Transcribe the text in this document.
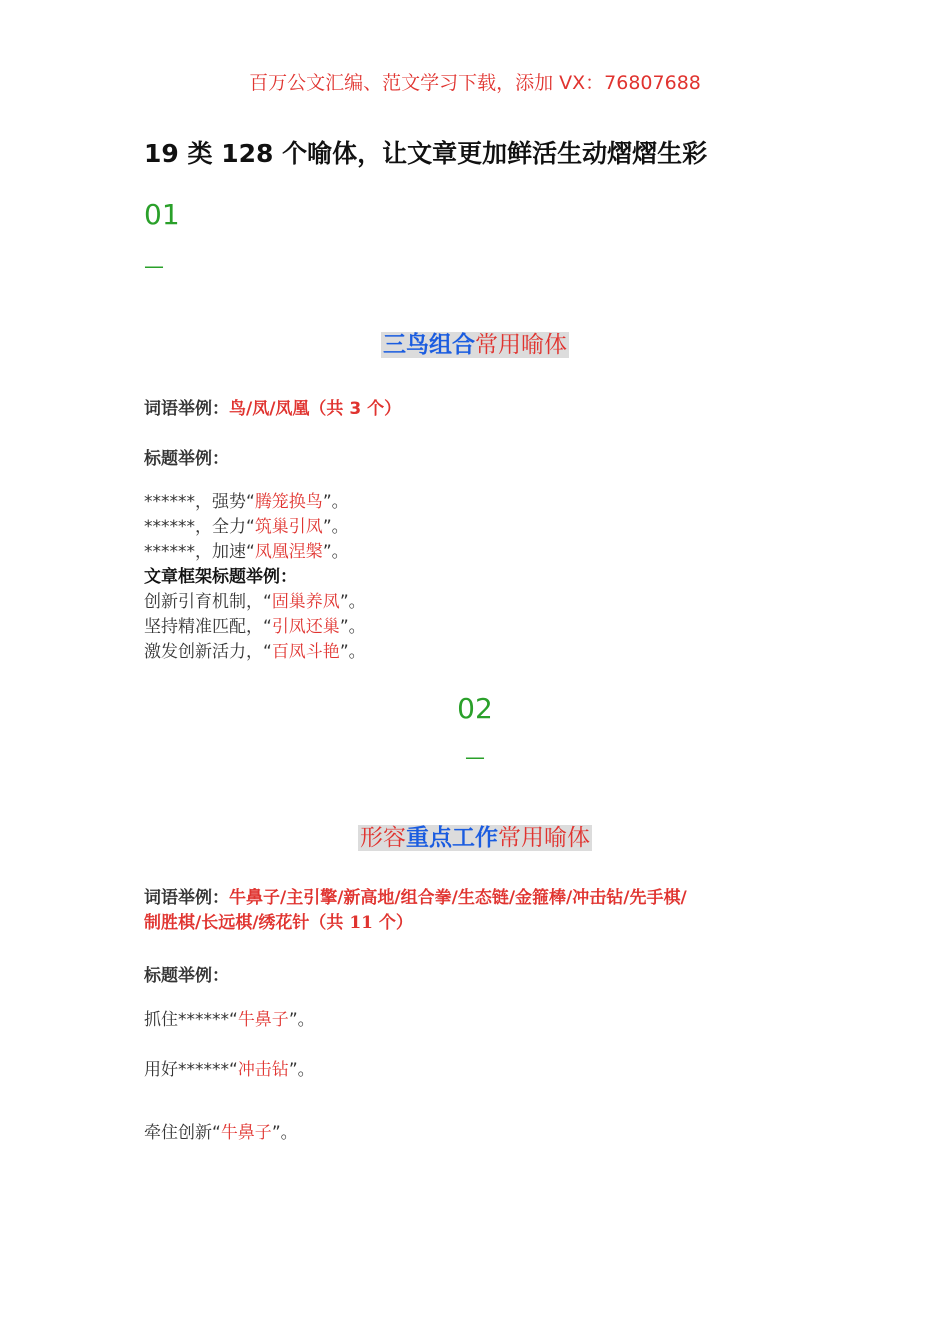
百万公文汇编、范文学习下载，添加 VX：76807688
19 类 128 个喻体，让文章更加鲜活生动熠熠生彩
01
—
三鸟组合常用喻体
词语举例：鸟/凤/凤凰（共 3 个）
标题举例：
******，强势“腾笼换鸟”。
******，全力“筑巢引凤”。
******，加速“凤凰涅槃”。
文章框架标题举例：
创新引育机制，“固巢养凤”。
坚持精准匹配，“引凤还巢”。
激发创新活力，“百凤斗艳”。
02
—
形容重点工作常用喻体
词语举例：牛鼻子/主引擎/新高地/组合拳/生态链/金箍棒/冲击钻/先手棋/
制胜棋/长远棋/绣花针（共 11 个）
标题举例：
抓住******“牛鼻子”。
用好******“冲击钻”。
牵住创新“牛鼻子”。
